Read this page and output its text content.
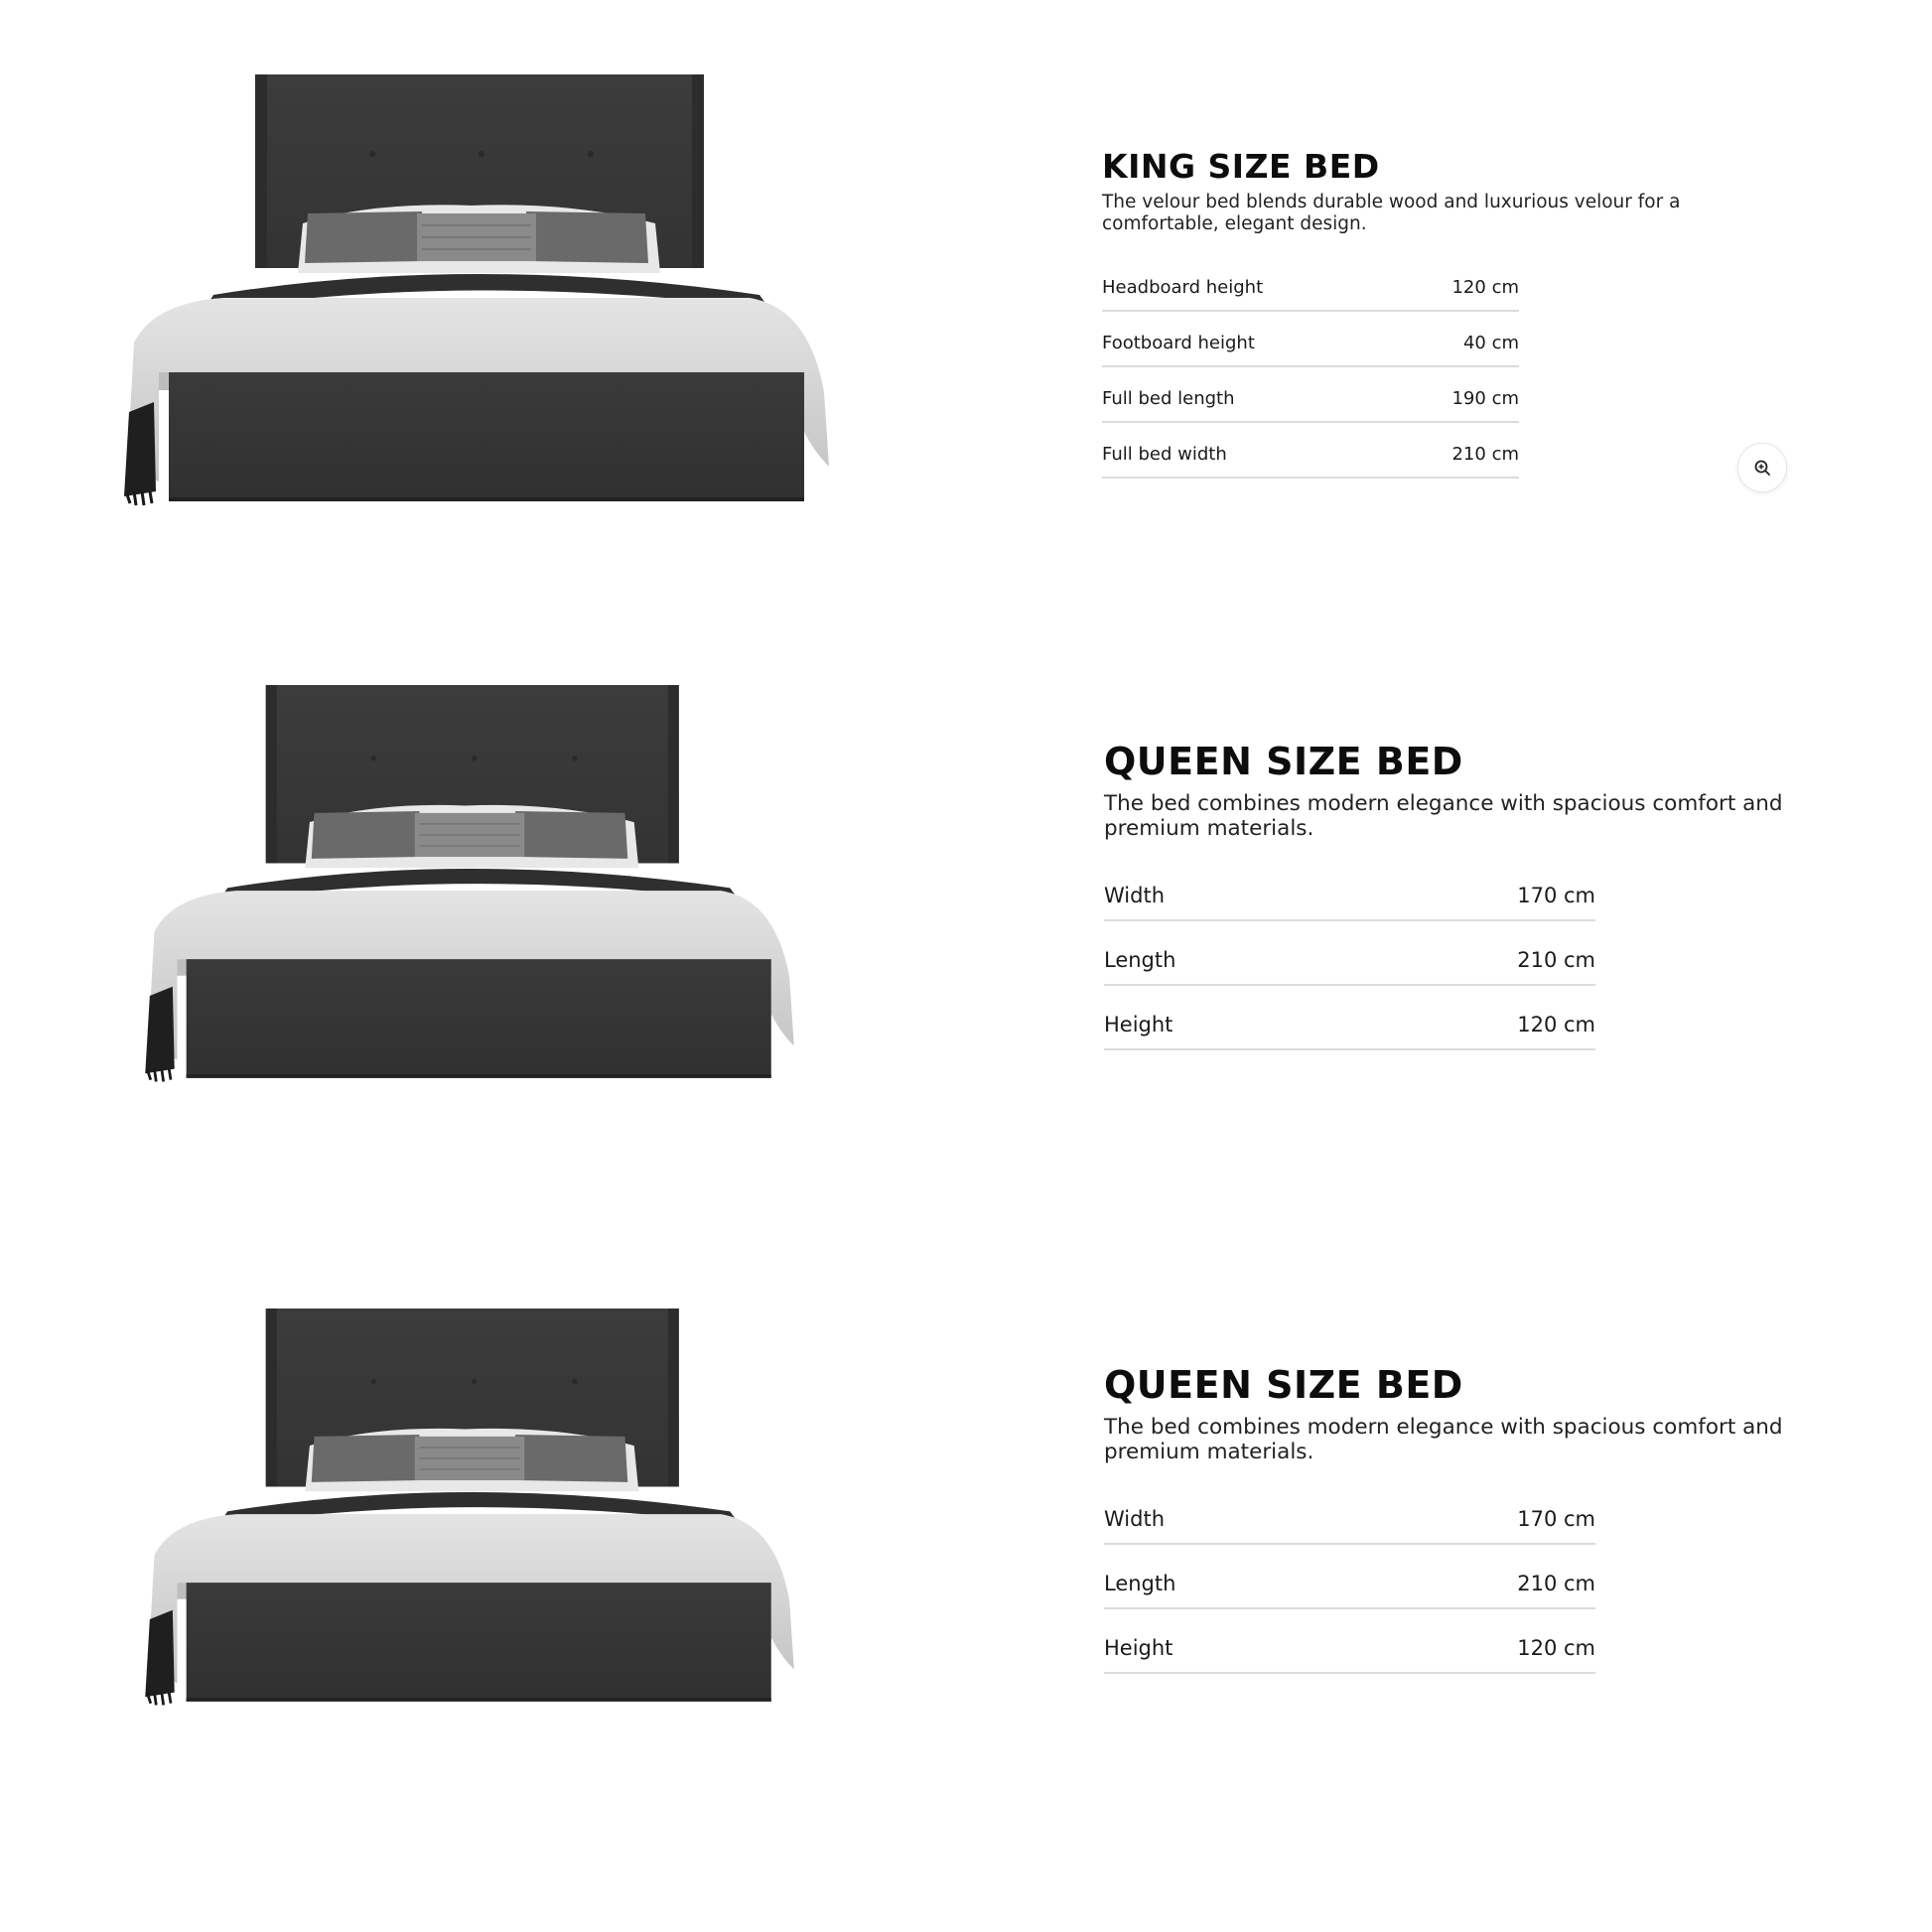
KING SIZE BED

The velour bed blends durable wood and luxurious velour for a comfortable, elegant design.

Headboard height	120 cm
Footboard height	40 cm
Full bed length	190 cm
Full bed width	210 cm
QUEEN SIZE BED

The bed combines modern elegance with spacious comfort and premium materials.

Width	170 cm
Length	210 cm
Height	120 cm
QUEEN SIZE BED

The bed combines modern elegance with spacious comfort and premium materials.

Width	170 cm
Length	210 cm
Height	120 cm
